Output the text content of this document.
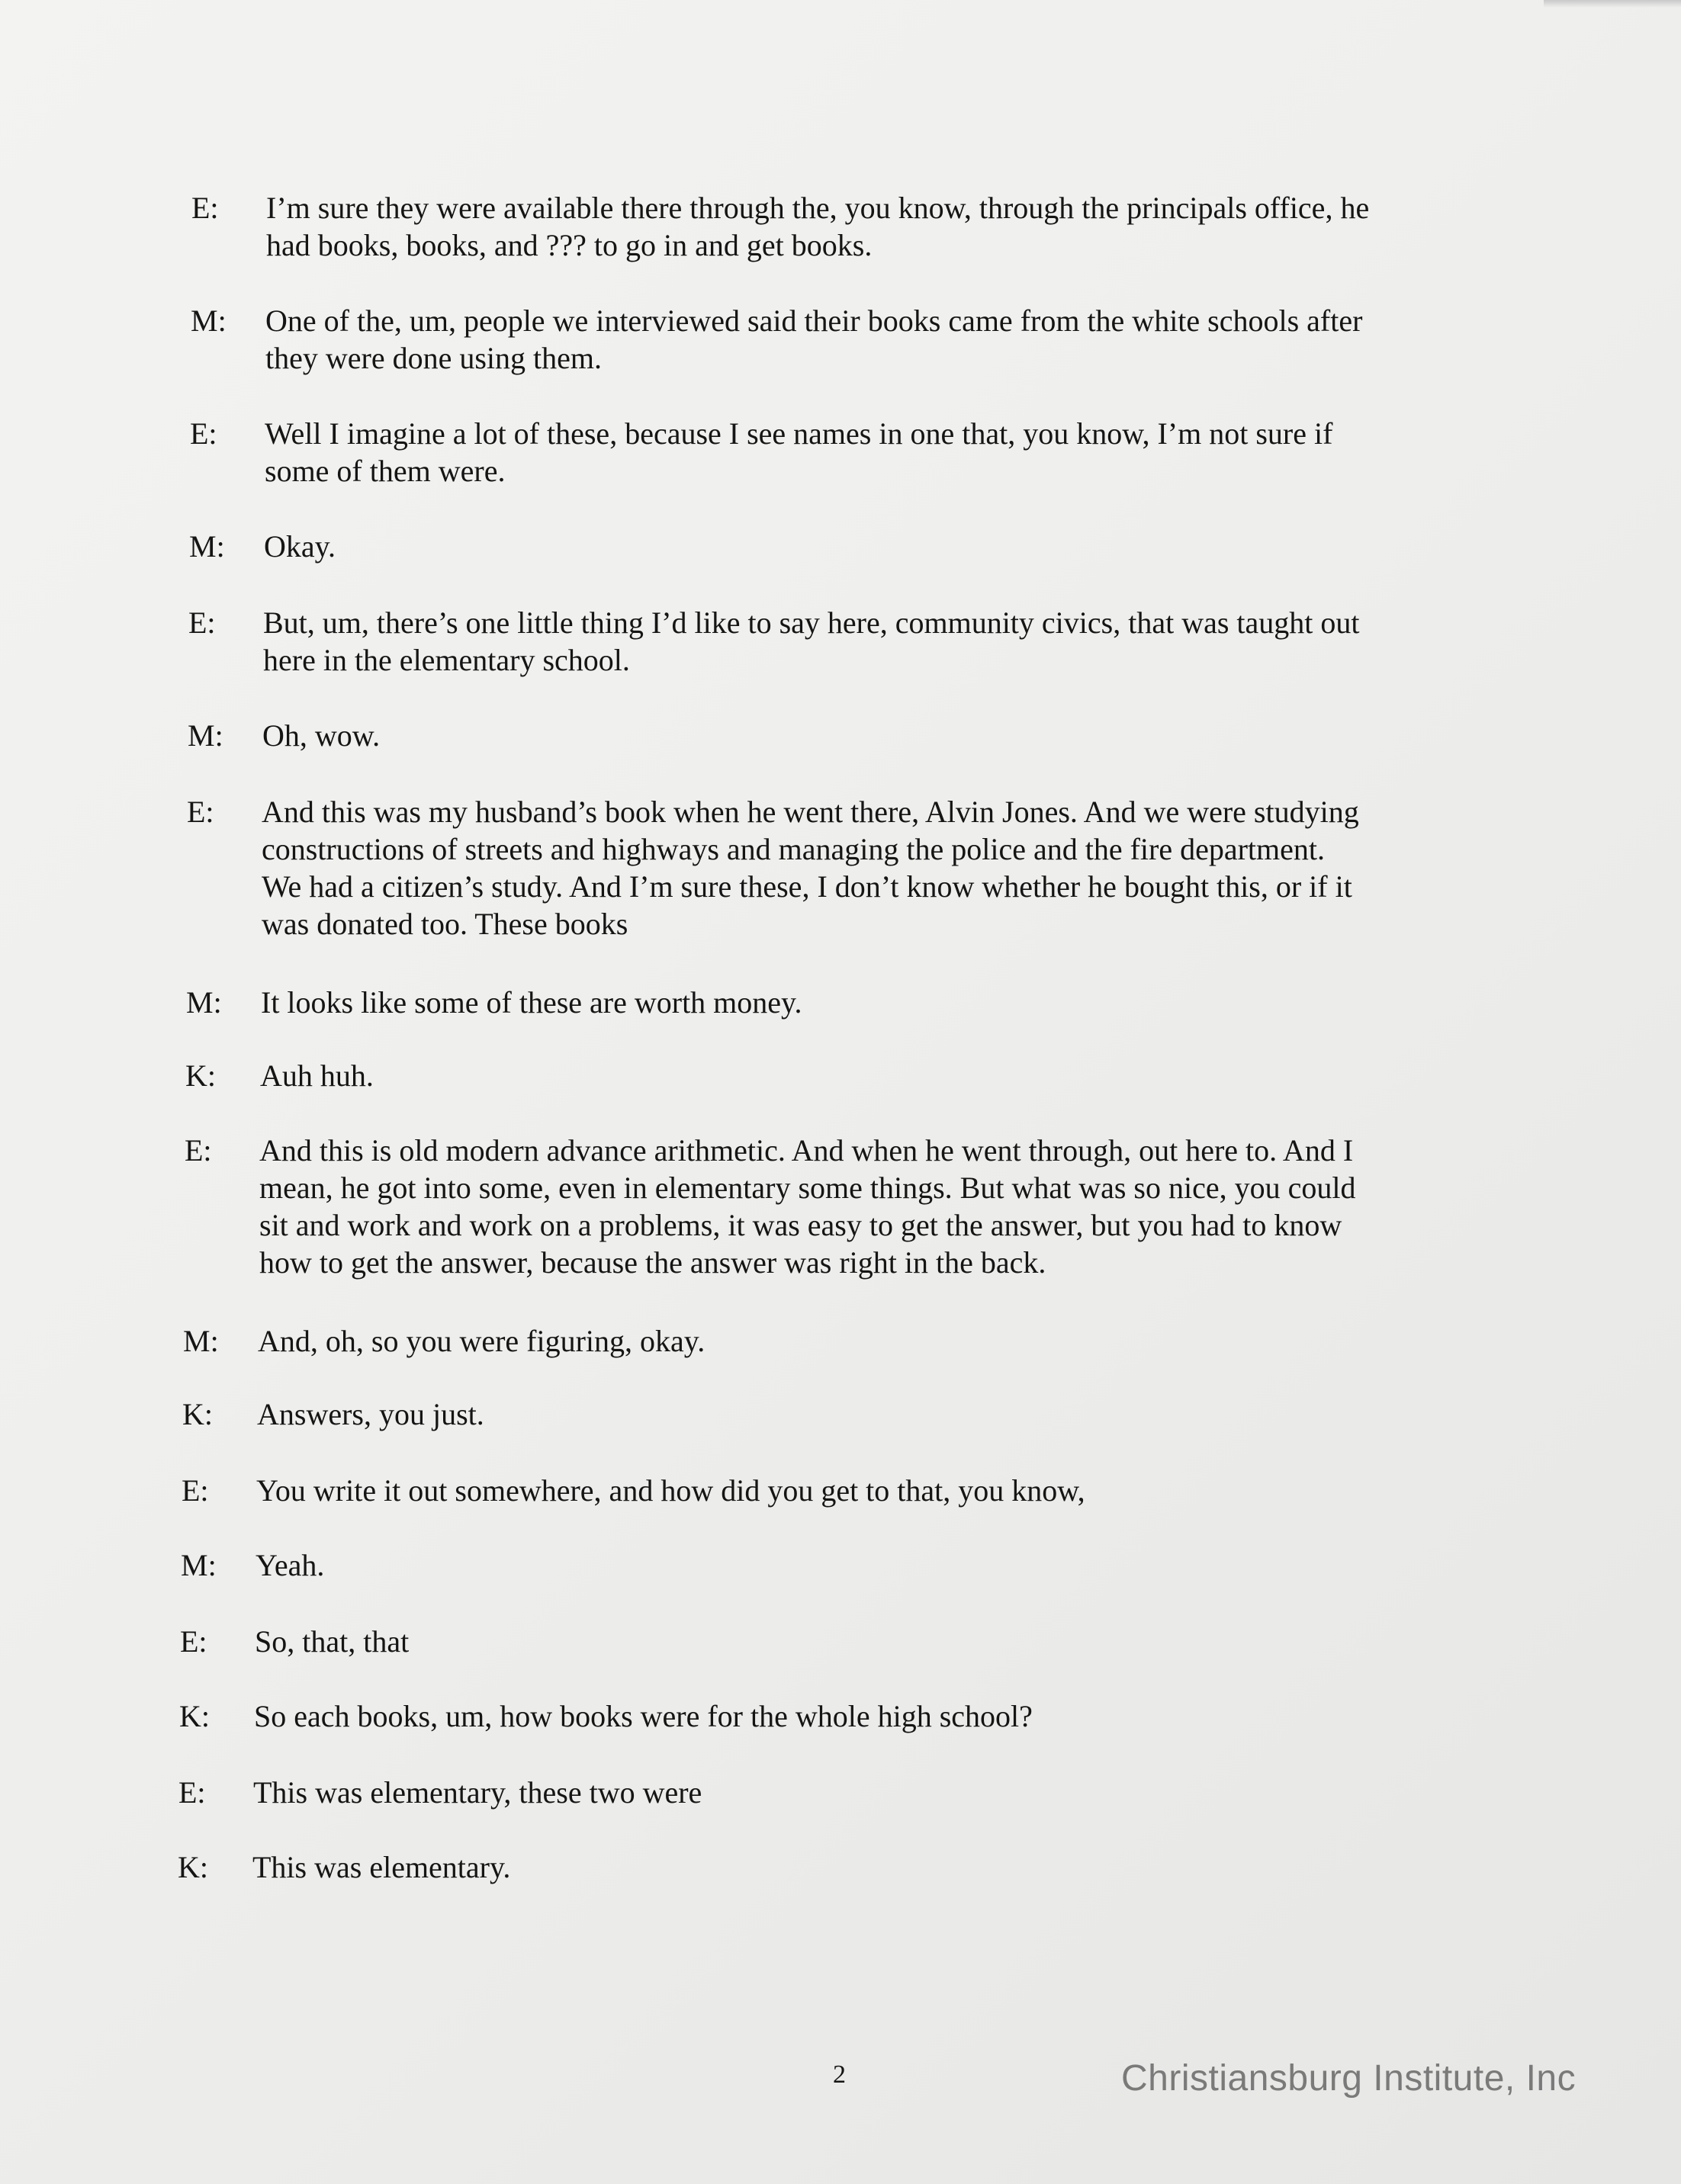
E:	I’m sure they were available there through the, you know, through the principals office, he
had books, books, and ??? to go in and get books.
M:	One of the, um, people we interviewed said their books came from the white schools after
they were done using them.
E:	Well I imagine a lot of these, because I see names in one that, you know, I’m not sure if
some of them were.
M:	Okay.
E:	But, um, there’s one little thing I’d like to say here, community civics, that was taught out
here in the elementary school.
M:	Oh, wow.
E:	And this was my husband’s book when he went there, Alvin Jones. And we were studying
constructions of streets and highways and managing the police and the fire department.
We had a citizen’s study. And I’m sure these, I don’t know whether he bought this, or if it
was donated too. These books
M:	It looks like some of these are worth money.
K:	Auh huh.
E:	And this is old modern advance arithmetic. And when he went through, out here to. And I
mean, he got into some, even in elementary some things. But what was so nice, you could
sit and work and work on a problems, it was easy to get the answer, but you had to know
how to get the answer, because the answer was right in the back.
M:	And, oh, so you were figuring, okay.
K:	Answers, you just.
E:	You write it out somewhere, and how did you get to that, you know,
M:	Yeah.
E:	So, that, that
K:	So each books, um, how books were for the whole high school?
E:	This was elementary, these two were
K:	This was elementary.
2	Christiansburg Institute, Inc
